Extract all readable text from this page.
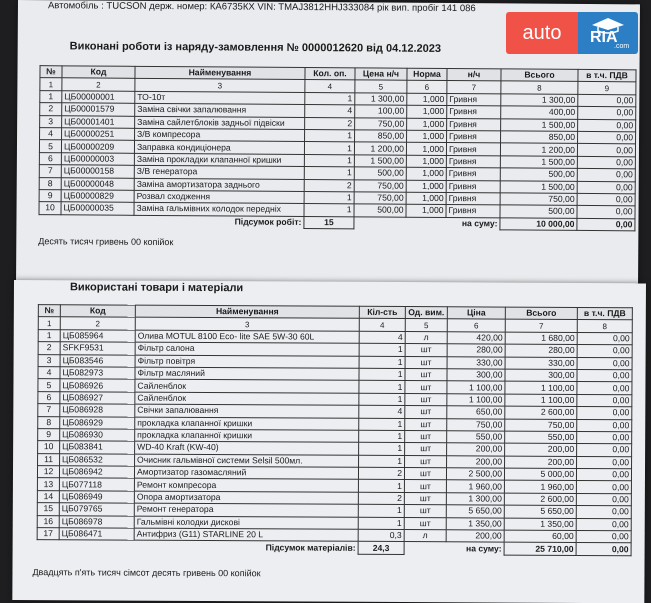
Автомобіль : TUCSON держ. номер: КА6735КХ VIN: TMAJ3812HHJ333084 рік вип. пробіг 141 086
Виконані роботи із наряду-замовлення № 0000012620 від 04.12.2023
№	Код	Найменування	Кол. оп.	Цена н/ч	Норма	н/ч	Всього	в т.ч. ПДВ
1	2	3	4	5	6	7	8	9
1	ЦБ00000001	ТО-10т	1	1 300,00	1,000	Гривня	1 300,00	0,00
2	ЦБ00001579	Заміна свічки запалювання	4	100,00	1,000	Гривня	400,00	0,00
3	ЦБ00001401	Заміна сайлетблоків задньої підвіски	2	750,00	1,000	Гривня	1 500,00	0,00
4	ЦБ00000251	З/В компресора	1	850,00	1,000	Гривня	850,00	0,00
5	ЦБ00000209	Заправка кондиціонера	1	1 200,00	1,000	Гривня	1 200,00	0,00
6	ЦБ00000003	Заміна прокладки клапанної кришки	1	1 500,00	1,000	Гривня	1 500,00	0,00
7	ЦБ00000158	З/В генератора	1	500,00	1,000	Гривня	500,00	0,00
8	ЦБ00000048	Заміна амортизатора заднього	2	750,00	1,000	Гривня	1 500,00	0,00
9	ЦБ00000829	Розвал сходження	1	750,00	1,000	Гривня	750,00	0,00
10	ЦБ00000035	Заміна гальмівних колодок передніх	1	500,00	1,000	Гривня	500,00	0,00
Підсумок робіт:			15	на суму:			10 000,00	0,00
Десять тисяч гривень 00 копійок
Використані товари і матеріали
№	Код	Найменування	Кіл-сть	Од. вим.	Ціна	Всього	в т.ч. ПДВ
1	2	3	4	5	6	7	8
1	ЦБ085964	Олива MOTUL 8100 Eco- lite SAE 5W-30 60L	4	л	420,00	1 680,00	0,00
2	SFKF9531	Фільтр салона	1	шт	280,00	280,00	0,00
3	ЦБ083546	Фільтр повітря	1	шт	330,00	330,00	0,00
4	ЦБ082973	Фільтр масляний	1	шт	300,00	300,00	0,00
5	ЦБ086926	Сайленблок	1	шт	1 100,00	1 100,00	0,00
6	ЦБ086927	Сайленблок	1	шт	1 100,00	1 100,00	0,00
7	ЦБ086928	Свічки запалювання	4	шт	650,00	2 600,00	0,00
8	ЦБ086929	прокладка клапанної кришки	1	шт	750,00	750,00	0,00
9	ЦБ086930	прокладка клапанної кришки	1	шт	550,00	550,00	0,00
10	ЦБ083841	WD-40 Kraft (KW-40)	1	шт	200,00	200,00	0,00
11	ЦБ086532	Очисник гальмівної системи Selsil 500мл.	1	шт	200,00	200,00	0,00
12	ЦБ086942	Амортизатор газомасляний	2	шт	2 500,00	5 000,00	0,00
13	ЦБ077118	Ремонт компресора	1	шт	1 960,00	1 960,00	0,00
14	ЦБ086949	Опора амортизатора	2	шт	1 300,00	2 600,00	0,00
15	ЦБ079765	Ремонт генератора	1	шт	5 650,00	5 650,00	0,00
16	ЦБ086978	Гальмівні колодки дискові	1	шт	1 350,00	1 350,00	0,00
17	ЦБ086471	Антифриз (G11) STARLINE 20 L	0,3	л	200,00	60,00	0,00
Підсумок матеріалів:			24,3	на суму:		25 710,00	0,00
Двадцять п'ять тисяч сімсот десять гривень 00 копійок
auto	RIA
.com
